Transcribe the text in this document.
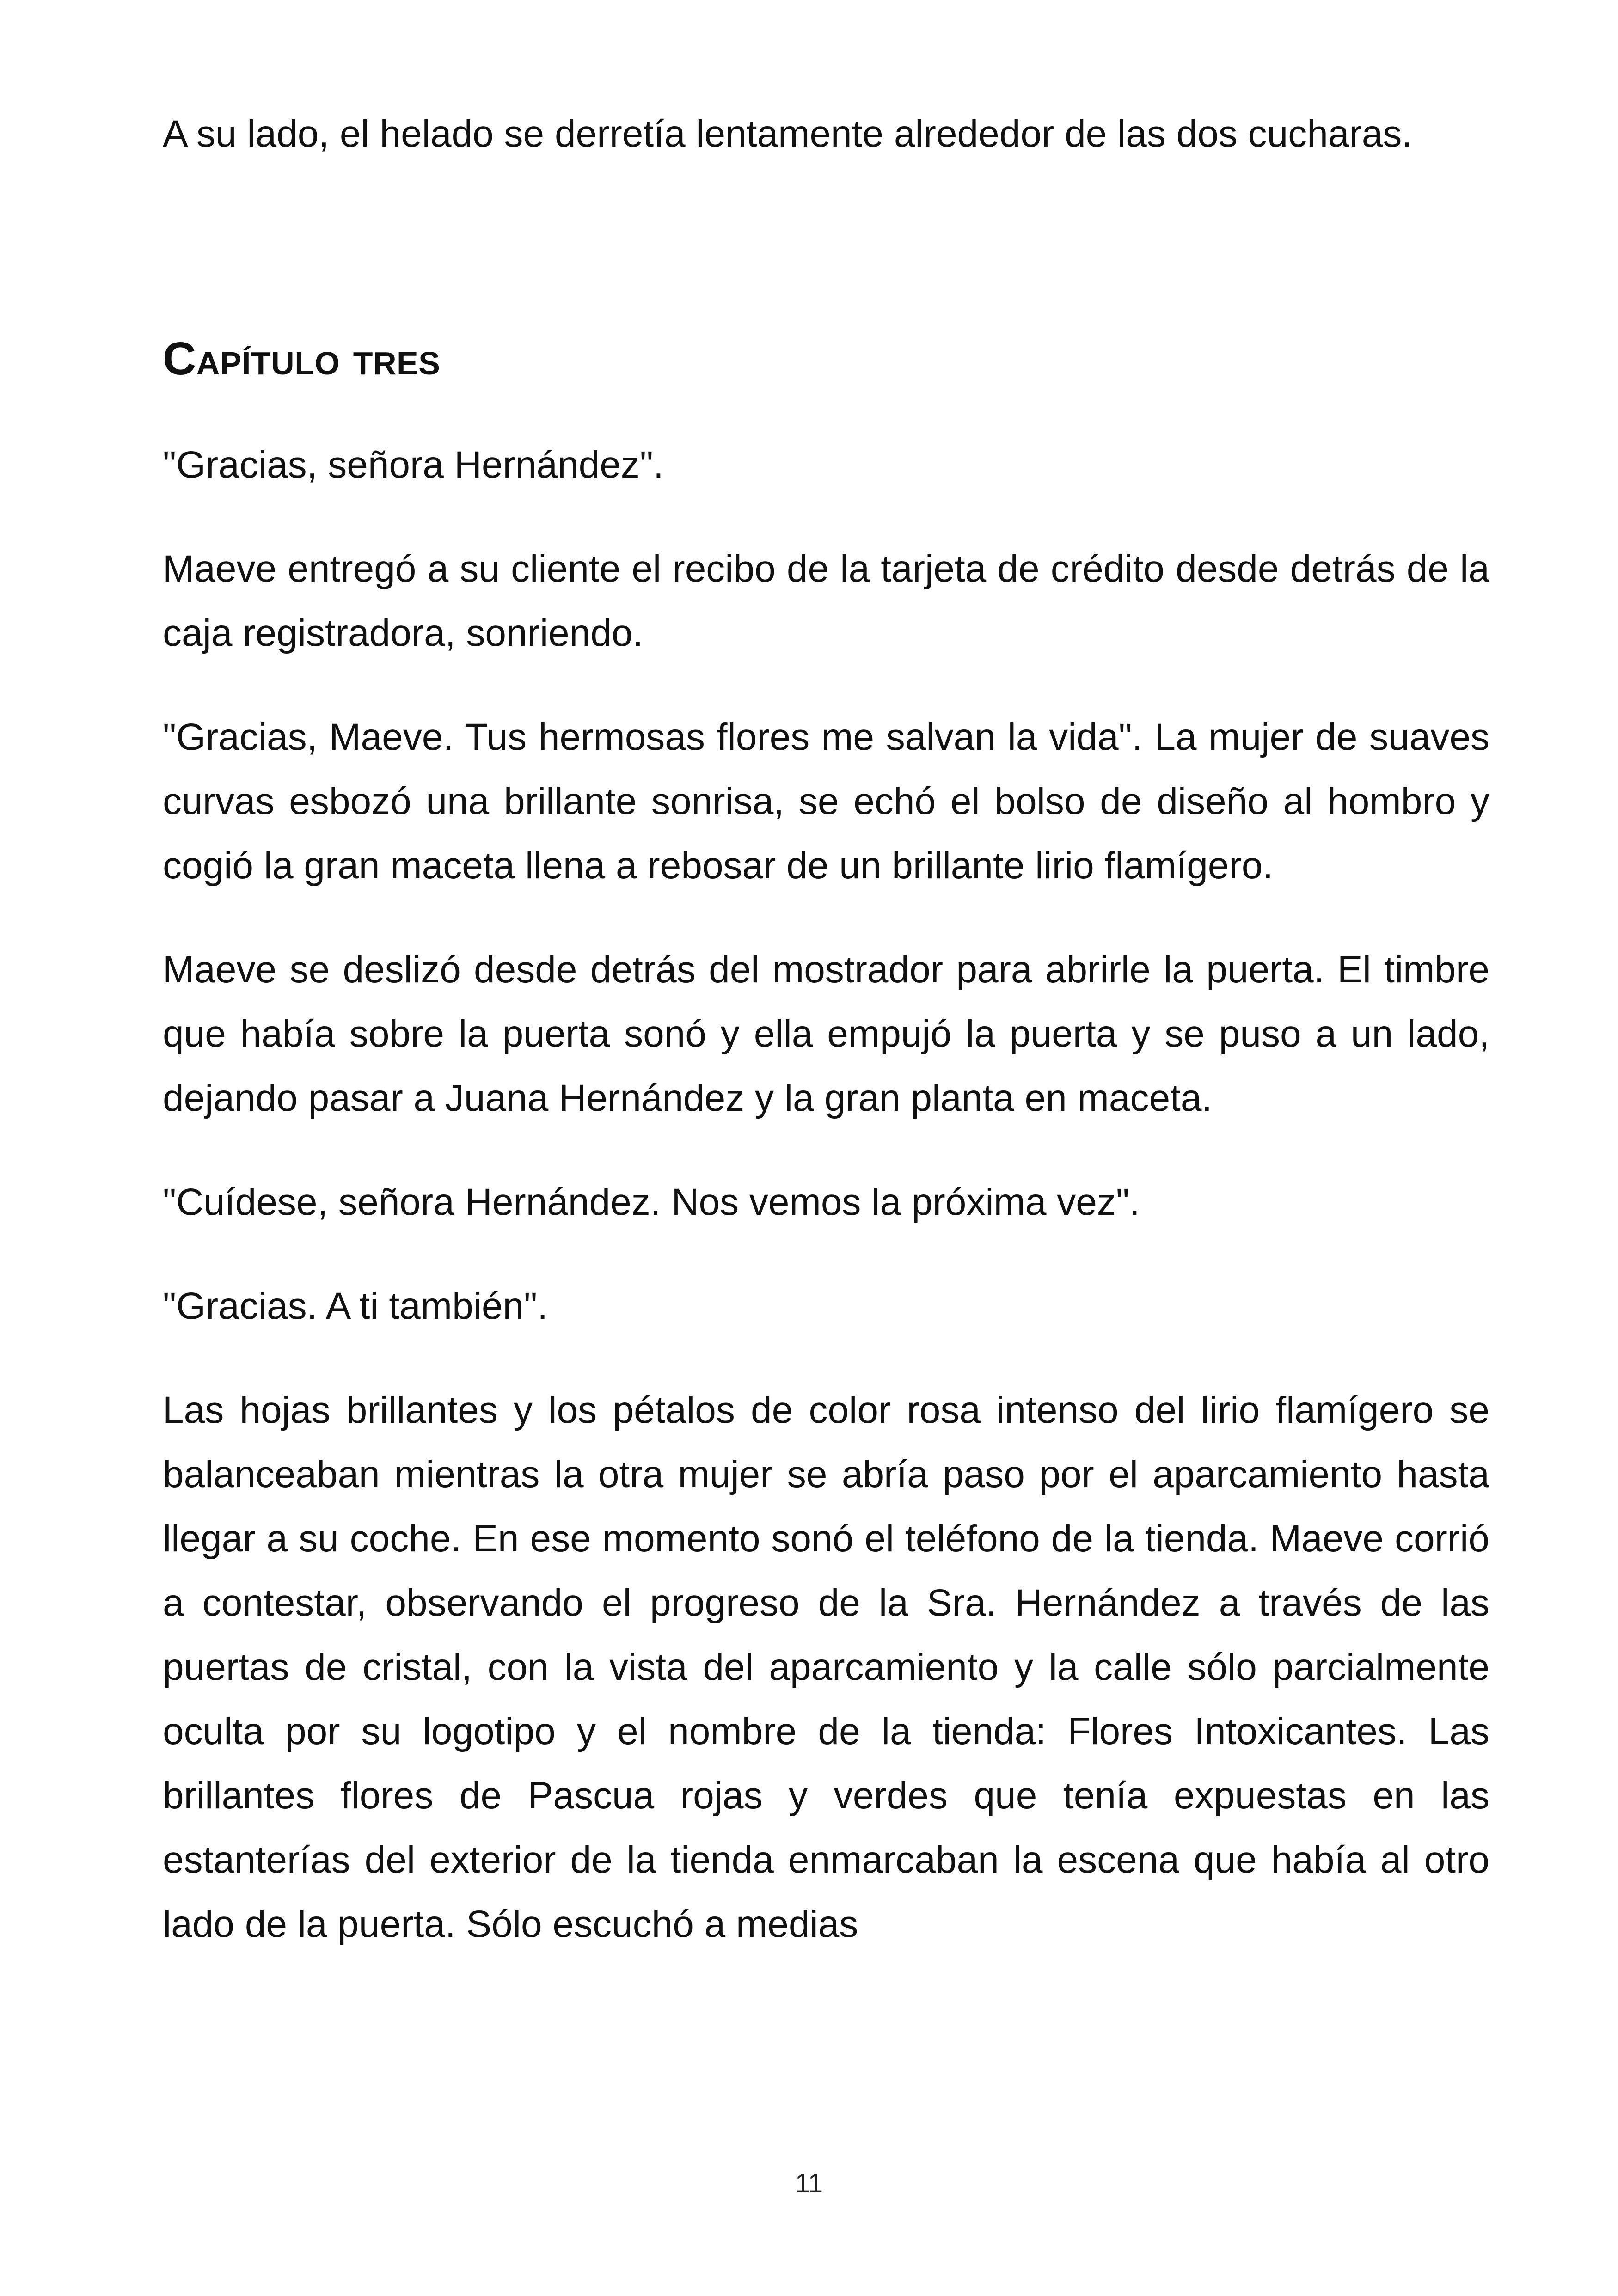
A su lado, el helado se derretía lentamente alrededor de las dos cucharas.

Capítulo tres

"Gracias, señora Hernández".

Maeve entregó a su cliente el recibo de la tarjeta de crédito desde detrás de la caja registradora, sonriendo.

"Gracias, Maeve. Tus hermosas flores me salvan la vida". La mujer de suaves curvas esbozó una brillante sonrisa, se echó el bolso de diseño al hombro y cogió la gran maceta llena a rebosar de un brillante lirio flamígero.

Maeve se deslizó desde detrás del mostrador para abrirle la puerta. El timbre que había sobre la puerta sonó y ella empujó la puerta y se puso a un lado, dejando pasar a Juana Hernández y la gran planta en maceta.

"Cuídese, señora Hernández. Nos vemos la próxima vez".

"Gracias. A ti también".

Las hojas brillantes y los pétalos de color rosa intenso del lirio flamígero se balanceaban mientras la otra mujer se abría paso por el aparcamiento hasta llegar a su coche. En ese momento sonó el teléfono de la tienda. Maeve corrió a contestar, observando el progreso de la Sra. Hernández a través de las puertas de cristal, con la vista del aparcamiento y la calle sólo parcialmente oculta por su logotipo y el nombre de la tienda: Flores Intoxicantes. Las brillantes flores de Pascua rojas y verdes que tenía expuestas en las estanterías del exterior de la tienda enmarcaban la escena que había al otro lado de la puerta. Sólo escuchó a medias

11
